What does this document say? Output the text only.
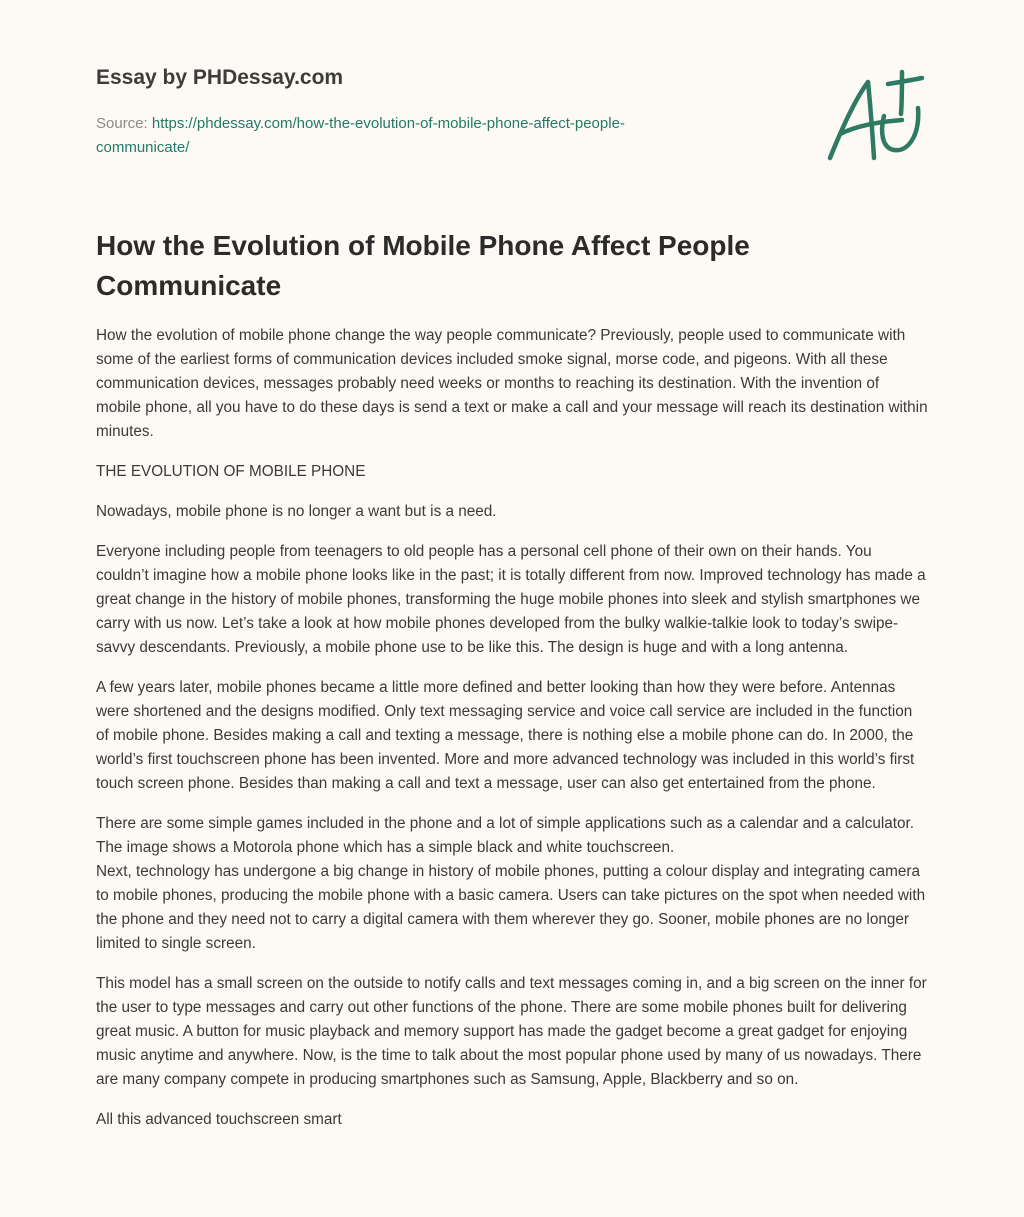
Essay by PHDessay.com
Source: https://phdessay.com/how-the-evolution-of-mobile-phone-affect-people-
communicate/
How the Evolution of Mobile Phone Affect People Communicate

How the evolution of mobile phone change the way people communicate? Previously, people used to communicate with some of the earliest forms of communication devices included smoke signal, morse code, and pigeons. With all these communication devices, messages probably need weeks or months to reaching its destination. With the invention of mobile phone, all you have to do these days is send a text or make a call and your message will reach its destination within minutes.

THE EVOLUTION OF MOBILE PHONE

Nowadays, mobile phone is no longer a want but is a need.

Everyone including people from teenagers to old people has a personal cell phone of their own on their hands. You couldn’t imagine how a mobile phone looks like in the past; it is totally different from now. Improved technology has made a great change in the history of mobile phones, transforming the huge mobile phones into sleek and stylish smartphones we carry with us now. Let’s take a look at how mobile phones developed from the bulky walkie-talkie look to today’s swipe-savvy descendants. Previously, a mobile phone use to be like this. The design is huge and with a long antenna.

A few years later, mobile phones became a little more defined and better looking than how they were before. Antennas were shortened and the designs modified. Only text messaging service and voice call service are included in the function of mobile phone. Besides making a call and texting a message, there is nothing else a mobile phone can do. In 2000, the world’s first touchscreen phone has been invented. More and more advanced technology was included in this world’s first touch screen phone. Besides than making a call and text a message, user can also get entertained from the phone.

There are some simple games included in the phone and a lot of simple applications such as a calendar and a calculator. The image shows a Motorola phone which has a simple black and white touchscreen.

Next, technology has undergone a big change in history of mobile phones, putting a colour display and integrating camera to mobile phones, producing the mobile phone with a basic camera. Users can take pictures on the spot when needed with the phone and they need not to carry a digital camera with them wherever they go. Sooner, mobile phones are no longer limited to single screen.

This model has a small screen on the outside to notify calls and text messages coming in, and a big screen on the inner for the user to type messages and carry out other functions of the phone. There are some mobile phones built for delivering great music. A button for music playback and memory support has made the gadget become a great gadget for enjoying music anytime and anywhere. Now, is the time to talk about the most popular phone used by many of us nowadays. There are many company compete in producing smartphones such as Samsung, Apple, Blackberry and so on.

All this advanced touchscreen smart
